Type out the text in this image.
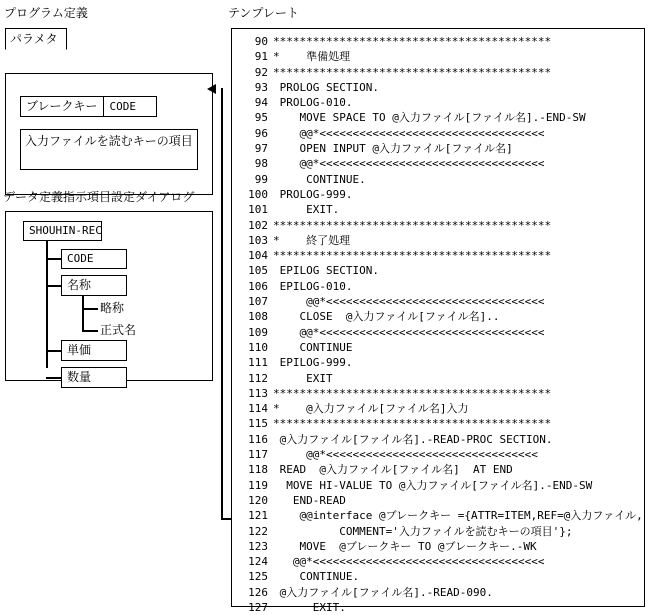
プログラム定義
パラメタ
ブレークキー	CODE
入力ファイルを読むキーの項目
データ定義指示項目設定ダイアログ
SHOUHIN-REC
CODE
名称
略称
正式名
単価
数量
テンプレート
90 ******************************************
91 *    準備処理
92 ******************************************
93 PROLOG SECTION.
94 PROLOG-010.
95 MOVE SPACE TO @入力ファイル[ファイル名].-END-SW
96 @@*<<<<<<<<<<<<<<<<<<<<<<<<<<<<<<<<<<
97 OPEN INPUT @入力ファイル[ファイル名]
98 @@*<<<<<<<<<<<<<<<<<<<<<<<<<<<<<<<<<<
99 CONTINUE.
100 PROLOG-999.
101 EXIT.
102 ******************************************
103 *    終了処理
104 ******************************************
105 EPILOG SECTION.
106 EPILOG-010.
107 @@*<<<<<<<<<<<<<<<<<<<<<<<<<<<<<<<<<
108 CLOSE  @入力ファイル[ファイル名]..
109 @@*<<<<<<<<<<<<<<<<<<<<<<<<<<<<<<<<<<
110 CONTINUE
111 EPILOG-999.
112 EXIT
113 ******************************************
114 *    @入力ファイル[ファイル名]入力
115 ******************************************
116 @入力ファイル[ファイル名].-READ-PROC SECTION.
117 @@*<<<<<<<<<<<<<<<<<<<<<<<<<<<<<<<<
118 READ  @入力ファイル[ファイル名]  AT END
119 MOVE HI-VALUE TO @入力ファイル[ファイル名].-END-SW
120 END-READ
121 @@interface @ブレークキー ={ATTR=ITEM,REF=@入力ファイル,
122 COMMENT='入力ファイルを読むキーの項目'};
123 MOVE  @ブレークキー TO @ブレークキー.-WK
124 @@*<<<<<<<<<<<<<<<<<<<<<<<<<<<<<<<<<<<
125 CONTINUE.
126 @入力ファイル[ファイル名].-READ-090.
127 EXIT.
